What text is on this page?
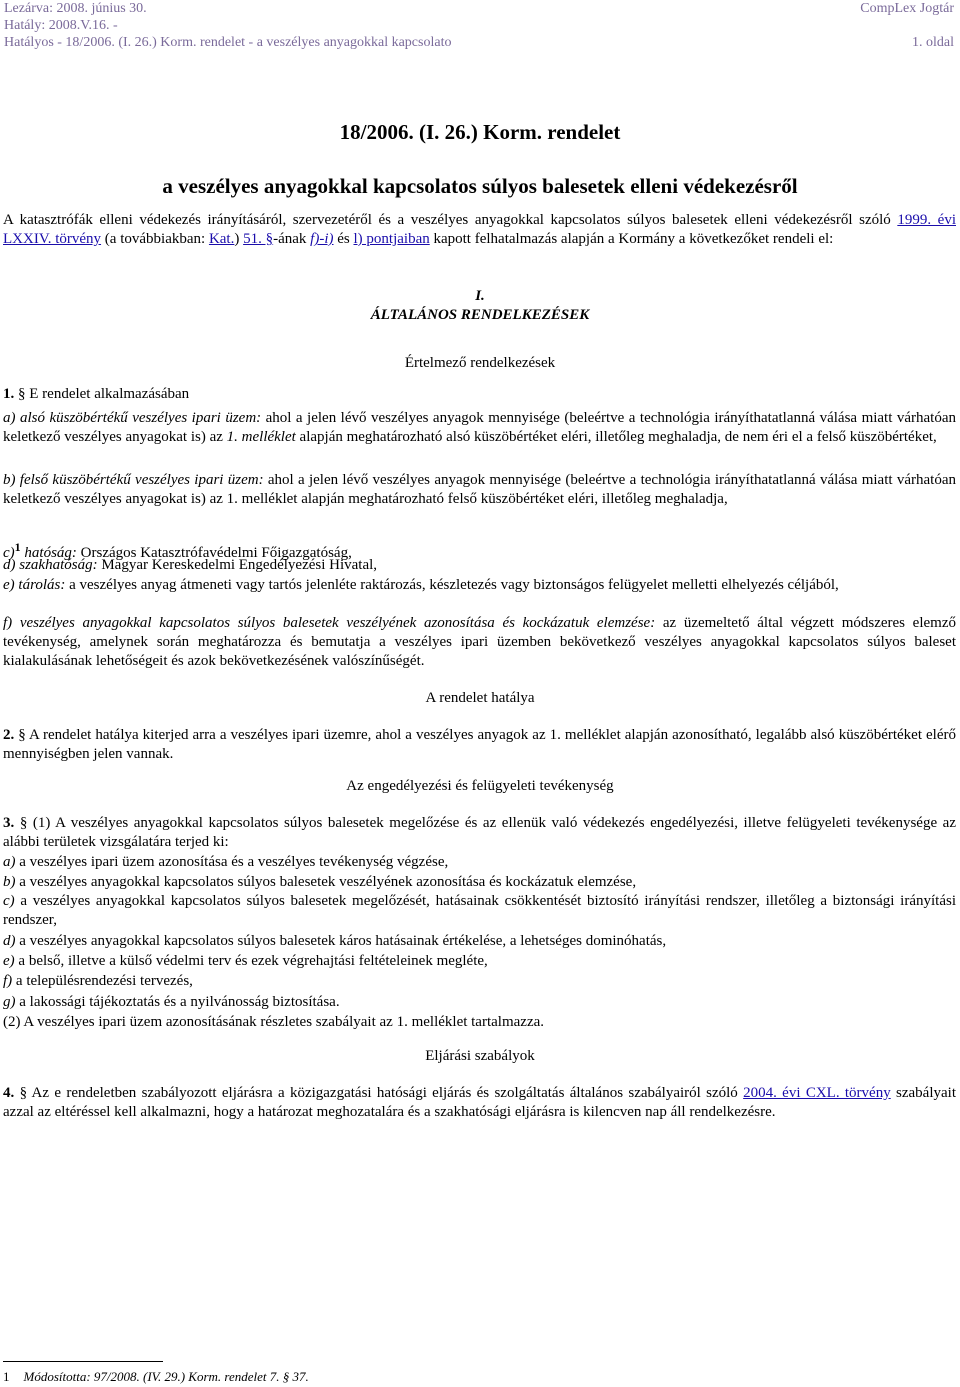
Lezárva: 2008. június 30.
Hatály: 2008.V.16. -
Hatályos - 18/2006. (I. 26.) Korm. rendelet - a veszélyes anyagokkal kapcsolato
CompLex Jogtár
1. oldal
18/2006. (I. 26.) Korm. rendelet
a veszélyes anyagokkal kapcsolatos súlyos balesetek elleni védekezésről
A katasztrófák elleni védekezés irányításáról, szervezetéről és a veszélyes anyagokkal kapcsolatos súlyos balesetek elleni védekezésről szóló 1999. évi LXXIV. törvény (a továbbiakban: Kat.) 51. §-ának f)-i) és l) pontjaiban kapott felhatalmazás alapján a Kormány a következőket rendeli el:
I.
ÁLTALÁNOS RENDELKEZÉSEK
Értelmező rendelkezések
1. § E rendelet alkalmazásában
a) alsó küszöbértékű veszélyes ipari üzem: ahol a jelen lévő veszélyes anyagok mennyisége (beleértve a technológia irányíthatatlanná válása miatt várhatóan keletkező veszélyes anyagokat is) az 1. melléklet alapján meghatározható alsó küszöbértéket eléri, illetőleg meghaladja, de nem éri el a felső küszöbértéket,
b) felső küszöbértékű veszélyes ipari üzem: ahol a jelen lévő veszélyes anyagok mennyisége (beleértve a technológia irányíthatatlanná válása miatt várhatóan keletkező veszélyes anyagokat is) az 1. melléklet alapján meghatározható felső küszöbértéket eléri, illetőleg meghaladja,
c)$^1$ hatóság: Országos Katasztrófavédelmi Főigazgatóság,
d) szakhatóság: Magyar Kereskedelmi Engedélyezési Hivatal,
e) tárolás: a veszélyes anyag átmeneti vagy tartós jelenléte raktározás, készletezés vagy biztonságos felügyelet melletti elhelyezés céljából,
f) veszélyes anyagokkal kapcsolatos súlyos balesetek veszélyének azonosítása és kockázatuk elemzése: az üzemeltető által végzett módszeres elemző tevékenység, amelynek során meghatározza és bemutatja a veszélyes ipari üzemben bekövetkező veszélyes anyagokkal kapcsolatos súlyos baleset kialakulásának lehetőségeit és azok bekövetkezésének valószínűségét.
A rendelet hatálya
2. § A rendelet hatálya kiterjed arra a veszélyes ipari üzemre, ahol a veszélyes anyagok az 1. melléklet alapján azonosítható, legalább alsó küszöbértéket elérő mennyiségben jelen vannak.
Az engedélyezési és felügyeleti tevékenység
3. § (1) A veszélyes anyagokkal kapcsolatos súlyos balesetek megelőzése és az ellenük való védekezés engedélyezési, illetve felügyeleti tevékenysége az alábbi területek vizsgálatára terjed ki:
a) a veszélyes ipari üzem azonosítása és a veszélyes tevékenység végzése,
b) a veszélyes anyagokkal kapcsolatos súlyos balesetek veszélyének azonosítása és kockázatuk elemzése,
c) a veszélyes anyagokkal kapcsolatos súlyos balesetek megelőzését, hatásainak csökkentését biztosító irányítási rendszer, illetőleg a biztonsági irányítási rendszer,
d) a veszélyes anyagokkal kapcsolatos súlyos balesetek káros hatásainak értékelése, a lehetséges dominóhatás,
e) a belső, illetve a külső védelmi terv és ezek végrehajtási feltételeinek megléte,
f) a településrendezési tervezés,
g) a lakossági tájékoztatás és a nyilvánosság biztosítása.
(2) A veszélyes ipari üzem azonosításának részletes szabályait az 1. melléklet tartalmazza.
Eljárási szabályok
4. § Az e rendeletben szabályozott eljárásra a közigazgatási hatósági eljárás és szolgáltatás általános szabályairól szóló 2004. évi CXL. törvény szabályait azzal az eltéréssel kell alkalmazni, hogy a határozat meghozatalára és a szakhatósági eljárásra is kilencven nap áll rendelkezésre.
1 Módosította: 97/2008. (IV. 29.) Korm. rendelet 7. § 37.
